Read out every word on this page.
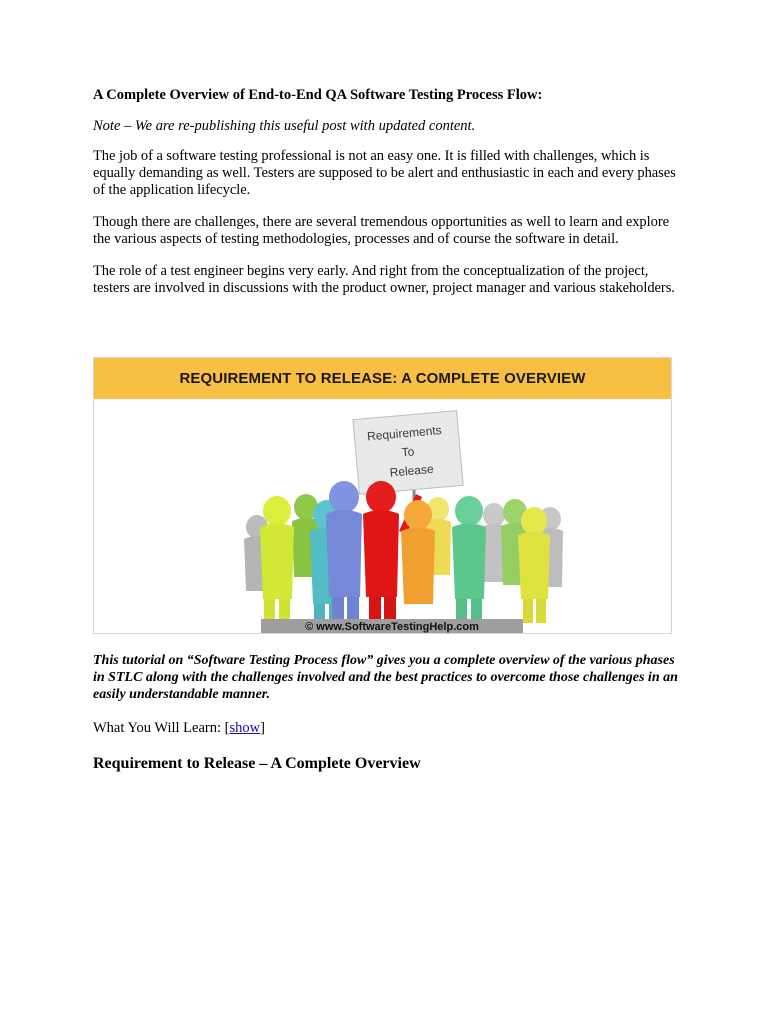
A Complete Overview of End-to-End QA Software Testing Process Flow:

Note – We are re-publishing this useful post with updated content.

The job of a software testing professional is not an easy one. It is filled with challenges, which is equally demanding as well. Testers are supposed to be alert and enthusiastic in each and every phases of the application lifecycle.

Though there are challenges, there are several tremendous opportunities as well to learn and explore the various aspects of testing methodologies, processes and of course the software in detail.

The role of a test engineer begins very early. And right from the conceptualization of the project, testers are involved in discussions with the product owner, project manager and various stakeholders.

REQUIREMENT TO RELEASE: A COMPLETE OVERVIEW
Requirements
To
Release
© www.SoftwareTestingHelp.com

This tutorial on “Software Testing Process flow” gives you a complete overview of the various phases in STLC along with the challenges involved and the best practices to overcome those challenges in an easily understandable manner.

What You Will Learn: [show]

Requirement to Release – A Complete Overview
